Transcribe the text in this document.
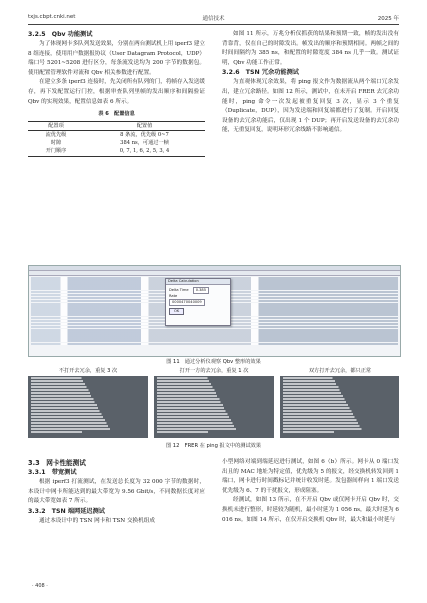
txjs.cbpt.cnki.net	通信技术	2025 年

3.2.5　Qbv 功能测试

为了体现网卡多队列发送效果，分别在两台测试机上用 iperf3 建立 8 组连接，使用用户数据报协议（User Datagram Protocol，UDP）端口号 5201~5208 进行区分，每条流发送均为 200 字节的数据包。使用配置管理软件对流和 Qbv 相关参数进行配置。

在建立多条 iperf3 连接时，先关闭所有队列的门，将帧存入发送缓存，再下发配置运行门控，根据审查队列里帧的发出顺序和间隔验证 Qbv 的实现效果，配置信息如表 6 所示。

表 6　配置信息
配置项	配置值
流优先级	8 条流，优先级 0~7
时隙	384 ns，可通过一帧
开门顺序	0, 7, 1, 6, 2, 5, 3, 4

如图 11 所示，万兆分析仪抓获的结果和预期一致，帧的发出没有背靠背，仅在自己的时隙发出。帧发出的顺序和预期相同。两帧之间的时间间隔约为 385 ns，和配置的时隙宽度 384 ns 几乎一致。测试证明，Qbv 功能工作正常。

3.2.6　TSN 冗余功能测试

为直观体现冗余效果，将 ping 报文作为数据流从两个端口冗余发出，建立冗余路径。如图 12 所示，测试中，在未开启 FRER 去冗余功能时，ping 命令一次发起被重复回复 3 次，显示 3 个重复（Duplicate，DUP），因为发送端和回复端都进行了复制。开启回复设备的去冗余功能后，仅出现 1 个 DUP；再开启发送设备的去冗余功能，无重复回复，说明环形冗余线路不影响通信。

Delta Calculation
Delta Time 0.385
Rate
0000470040009
OK
图 11　通过分析仪观察 Qbv 整形的效果
不打开去冗余，重复 3 次	打开一方的去冗余，重复 1 次	双方打开去冗余，都只正常
图 12　FRER 在 ping 报文中的测试效果

3.3　网卡性能测试

3.3.1　带宽测试

根据 iperf3 打流测试，在发送总长度为 32 000 字节的数据时，本设计中网卡所能达到的最大带宽为 9.56 Gbit/s，不同数据长度对应的最大带宽如表 7 所示。

3.3.2　TSN 端网延迟测试

通过本设计中的 TSN 网卡和 TSN 交换机组成

小型网络对端到端延迟进行测试，如图 6（b）所示。网卡从 0 端口发出且的 MAC 地址为特定值，优先级为 5 的报文，经交换机转发回到 1 端口，网卡进行时间戳标记并统计收发时延。发包器间样向 1 端口发送优先级为 6、7 的干扰报文，形成阻塞。

经测试，如图 13 所示，在不开启 Qbv 或仅网卡开启 Qbv 时，交换机未进行整形，时延较为随机，最小时延为 1 056 ns，最大时延为 6 016 ns。如图 14 所示，在仅开启交换机 Qbv 时，最大和最小时延与

· 408 ·
